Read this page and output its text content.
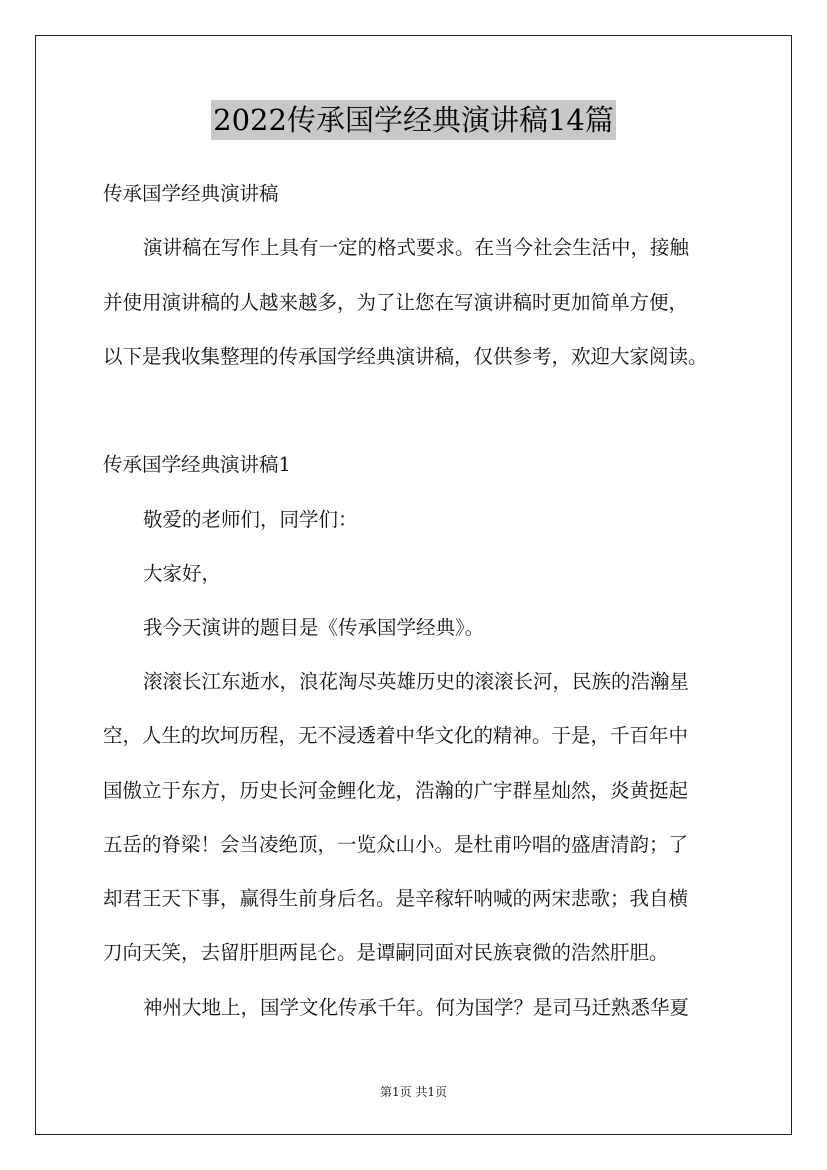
2022传承国学经典演讲稿14篇
传承国学经典演讲稿
演讲稿在写作上具有一定的格式要求。在当今社会生活中，接触
并使用演讲稿的人越来越多，为了让您在写演讲稿时更加简单方便，
以下是我收集整理的传承国学经典演讲稿，仅供参考，欢迎大家阅读。
传承国学经典演讲稿1
敬爱的老师们，同学们：
大家好，
我今天演讲的题目是《传承国学经典》。
滚滚长江东逝水，浪花淘尽英雄历史的滚滚长河，民族的浩瀚星
空，人生的坎坷历程，无不浸透着中华文化的精神。于是，千百年中
国傲立于东方，历史长河金鲤化龙，浩瀚的广宇群星灿然，炎黄挺起
五岳的脊梁！会当凌绝顶，一览众山小。是杜甫吟唱的盛唐清韵；了
却君王天下事，赢得生前身后名。是辛稼轩呐喊的两宋悲歌；我自横
刀向天笑，去留肝胆两昆仑。是谭嗣同面对民族衰微的浩然肝胆。
神州大地上，国学文化传承千年。何为国学？是司马迁熟悉华夏
第1页 共1页
